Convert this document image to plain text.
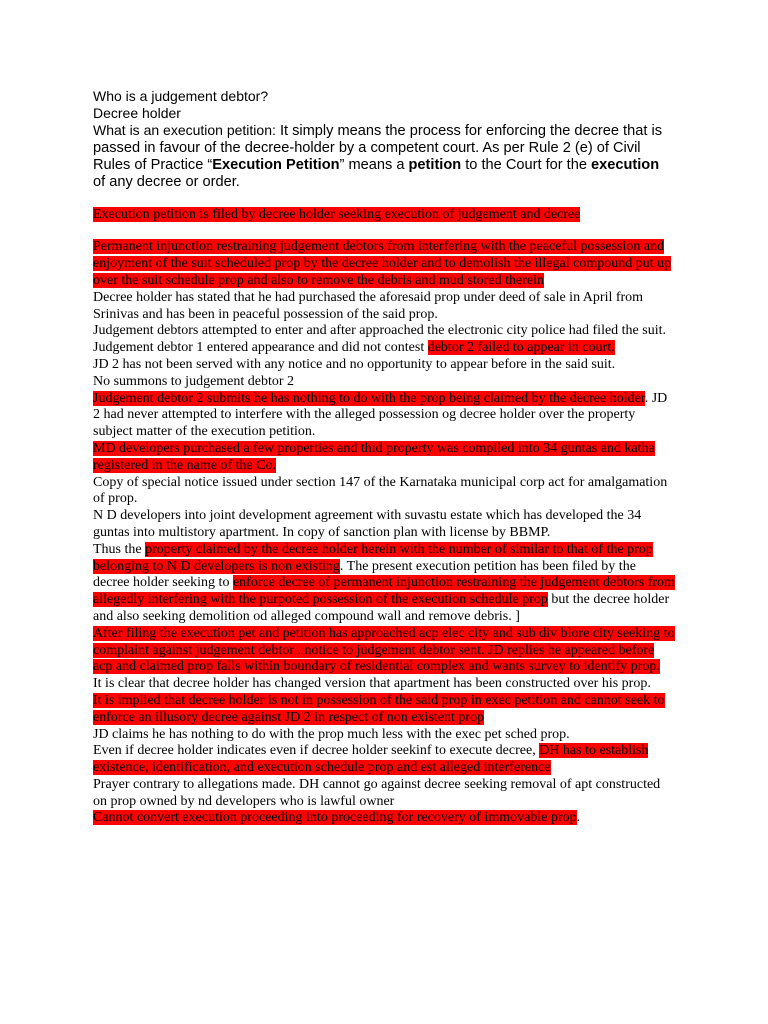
Who is a judgement debtor?

Decree holder

What is an execution petition: It simply means the process for enforcing the decree that is passed in favour of the decree-holder by a competent court. As per Rule 2 (e) of Civil Rules of Practice “Execution Petition” means a petition to the Court for the execution of any decree or order.

Execution petition is filed by decree holder seeking execution of judgement and decree

Permanent injunction restraining judgement debtors from interfering with the peaceful possession and enjoyment of the suit scheduled prop by the decree holder and to demolish the illegal compound put up over the suit schedule prop and also to remove the debris and mud stored therein

Decree holder has stated that he had purchased the aforesaid prop under deed of sale in April from Srinivas and has been in peaceful possession of the said prop.

Judgement debtors attempted to enter and after approached the electronic city police had filed the suit. Judgement debtor 1 entered appearance and did not contest debtor 2 failed to appear in court.

JD 2 has not been served with any notice and no opportunity to appear before in the said suit.

No summons to judgement debtor 2

Judgement debtor 2 submits he has nothing to do with the prop being claimed by the decree holder. JD 2 had never attempted to interfere with the alleged possession og decree holder over the property subject matter of the execution petition.

MD developers purchased a few properties and thid property was compiled into 34 guntas and katha registered in the name of the Co.

Copy of special notice issued under section 147 of the Karnataka municipal corp act for amalgamation of prop.

N D developers into joint development agreement with suvastu estate which has developed the 34 guntas into multistory apartment. In copy of sanction plan with license by BBMP.

Thus the property claimed by the decree holder herein with the number of similar to that of the prop belonging to N D developers is non existing. The present execution petition has been filed by the decree holder seeking to enforce decree of permanent injunction restraining the judgement debtors from allegedly interfering with the purpoted possession of the execution schedule prop but the decree holder and also seeking demolition od alleged compound wall and remove debris. ]

After filing the execution pet and petition has approached acp elec city and sub div blore city seeking to complaint against judgement debtor . notice to judgement debtor sent. JD replies he appeared before acp and claimed prop falls within boundary of residential complex and wants survey to identify prop.

It is clear that decree holder has changed version that apartment has been constructed over his prop.

It is implied that decree holder is not in possession of the said prop in exec petition and cannot seek to enforce an illusory decree against JD 2 in respect of non existent prop

JD claims he has nothing to do with the prop much less with the exec pet sched prop.

Even if decree holder indicates even if decree holder seekinf to execute decree, DH has to establish existence, identification, and execution schedule prop and est alleged interference

Prayer contrary to allegations made. DH cannot go against decree seeking removal of apt constructed on prop owned by nd developers who is lawful owner

Cannot convert execution proceeding into proceeding for recovery of immovable prop.
